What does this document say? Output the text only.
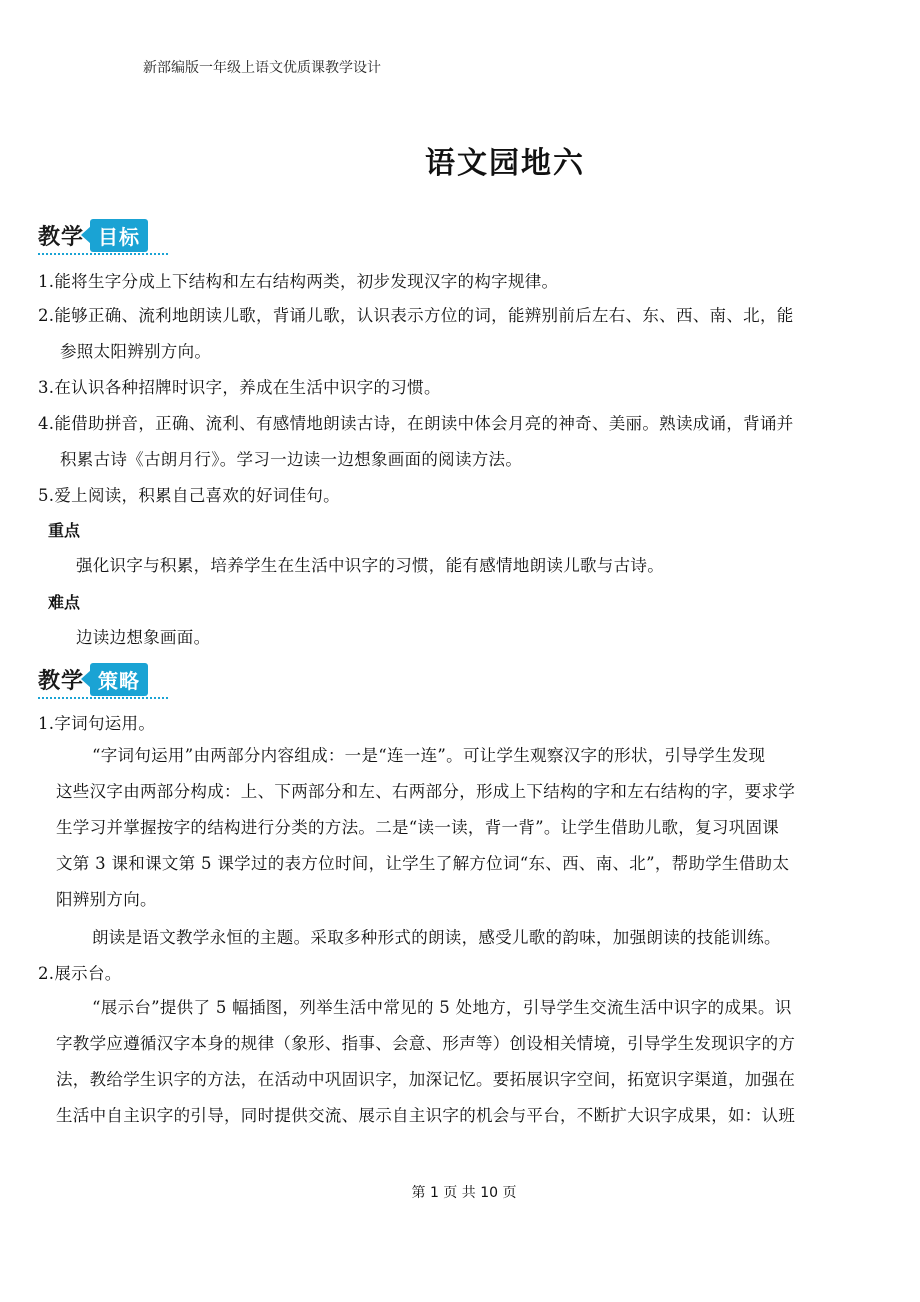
新部编版一年级上语文优质课教学设计
语文园地六
教学 目标
1.能将生字分成上下结构和左右结构两类，初步发现汉字的构字规律。
2.能够正确、流利地朗读儿歌，背诵儿歌，认识表示方位的词，能辨别前后左右、东、西、南、北，能
参照太阳辨别方向。
3.在认识各种招牌时识字，养成在生活中识字的习惯。
4.能借助拼音，正确、流利、有感情地朗读古诗，在朗读中体会月亮的神奇、美丽。熟读成诵，背诵并
积累古诗《古朗月行》。学习一边读一边想象画面的阅读方法。
5.爱上阅读，积累自己喜欢的好词佳句。
重点
强化识字与积累，培养学生在生活中识字的习惯，能有感情地朗读儿歌与古诗。
难点
边读边想象画面。
教学 策略
1.字词句运用。
“字词句运用”由两部分内容组成：一是“连一连”。可让学生观察汉字的形状，引导学生发现
这些汉字由两部分构成：上、下两部分和左、右两部分，形成上下结构的字和左右结构的字，要求学
生学习并掌握按字的结构进行分类的方法。二是“读一读，背一背”。让学生借助儿歌，复习巩固课
文第 3 课和课文第 5 课学过的表方位时间，让学生了解方位词“东、西、南、北”，帮助学生借助太
阳辨别方向。
朗读是语文教学永恒的主题。采取多种形式的朗读，感受儿歌的韵味，加强朗读的技能训练。
2.展示台。
“展示台”提供了 5 幅插图，列举生活中常见的 5 处地方，引导学生交流生活中识字的成果。识
字教学应遵循汉字本身的规律（象形、指事、会意、形声等）创设相关情境，引导学生发现识字的方
法，教给学生识字的方法，在活动中巩固识字，加深记忆。要拓展识字空间，拓宽识字渠道，加强在
生活中自主识字的引导，同时提供交流、展示自主识字的机会与平台，不断扩大识字成果，如：认班
第 1 页 共 10 页
